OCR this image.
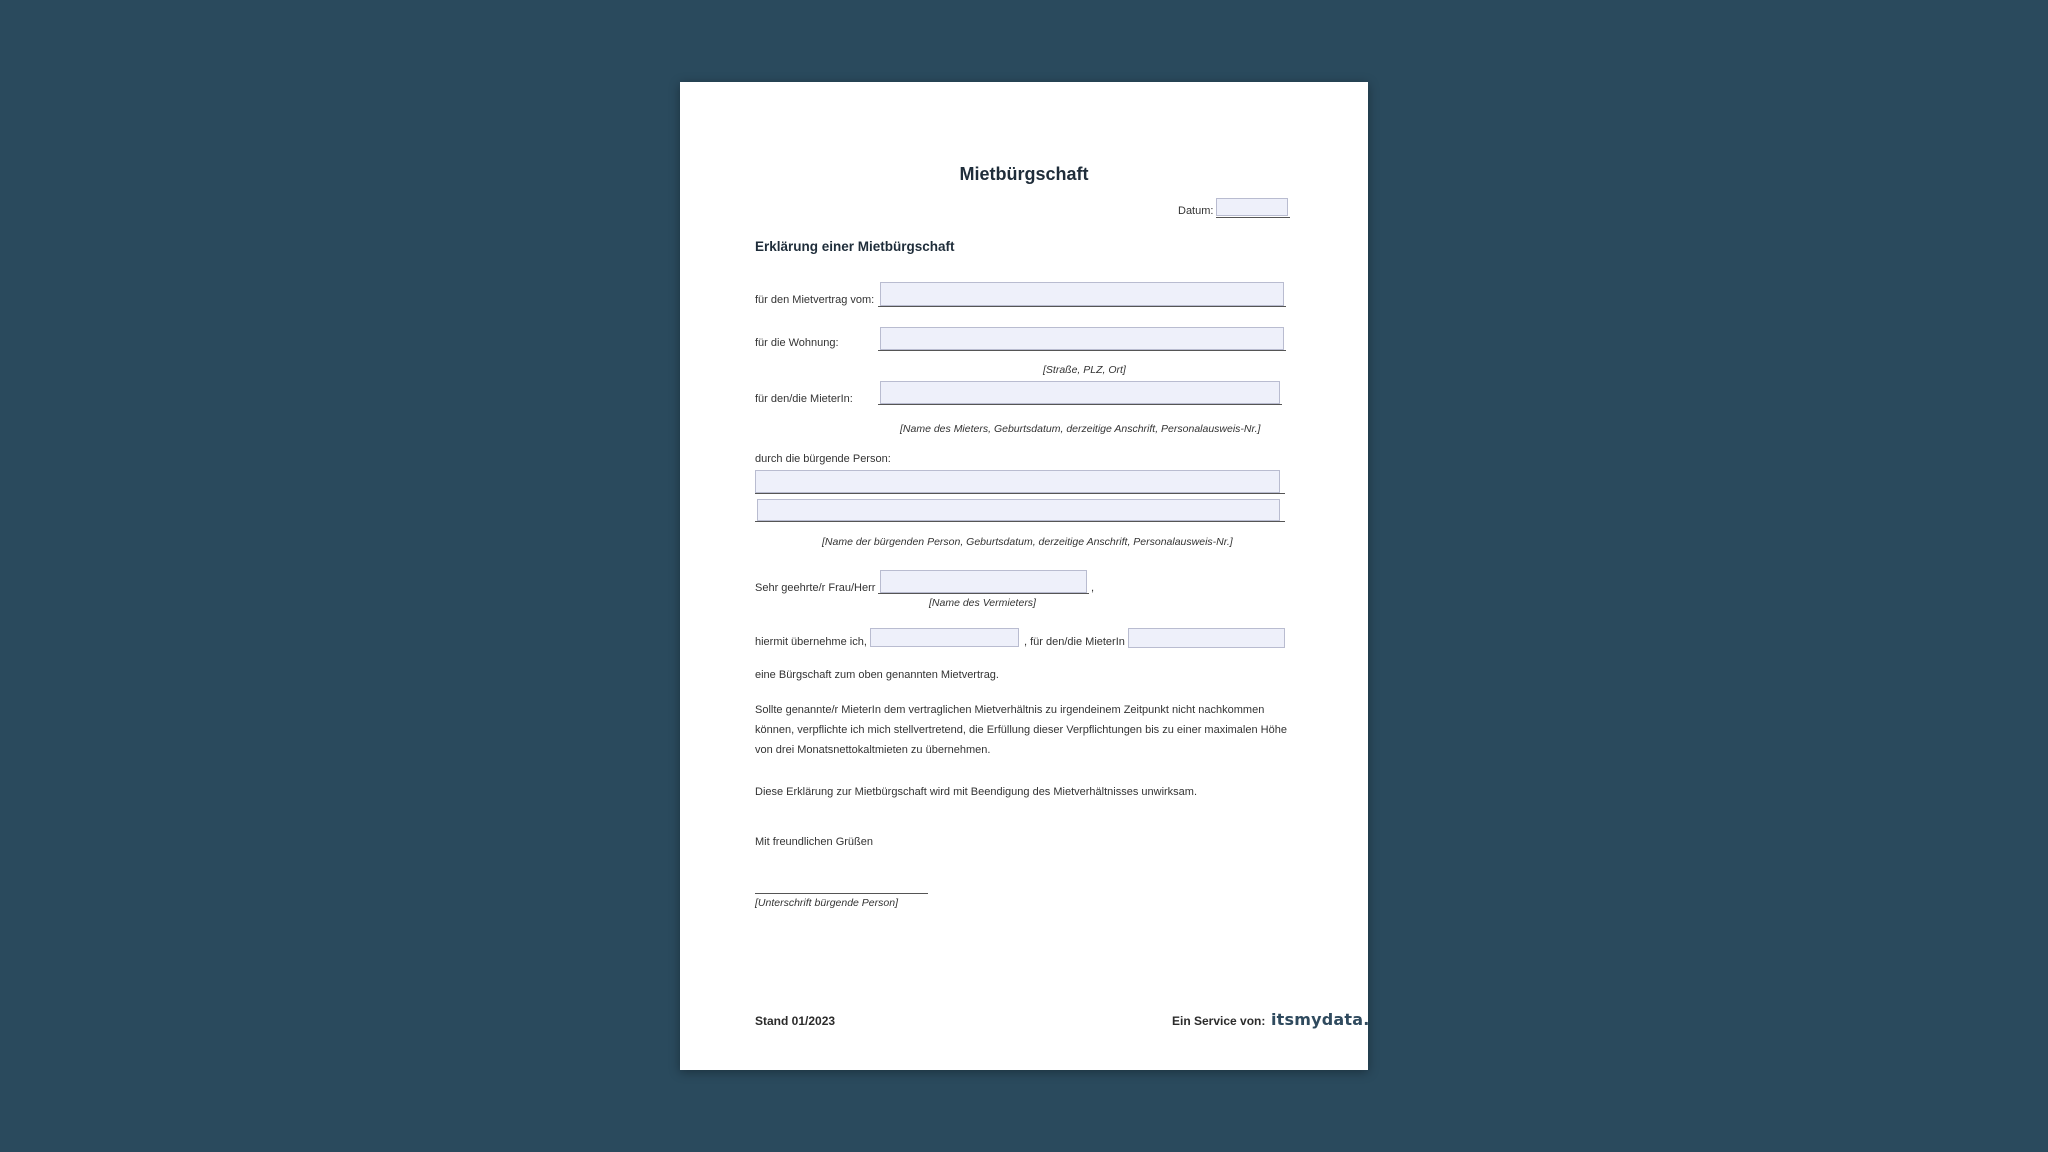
Mietbürgschaft
Datum:
Erklärung einer Mietbürgschaft
für den Mietvertrag vom:
für die Wohnung:
[Straße, PLZ, Ort]
für den/die MieterIn:
[Name des Mieters, Geburtsdatum, derzeitige Anschrift, Personalausweis-Nr.]
durch die bürgende Person:
[Name der bürgenden Person, Geburtsdatum, derzeitige Anschrift, Personalausweis-Nr.]
Sehr geehrte/r Frau/Herr	,
[Name des Vermieters]
hiermit übernehme ich,	, für den/die MieterIn
eine Bürgschaft zum oben genannten Mietvertrag.
Sollte genannte/r MieterIn dem vertraglichen Mietverhältnis zu irgendeinem Zeitpunkt nicht nachkommen
können, verpflichte ich mich stellvertretend, die Erfüllung dieser Verpflichtungen bis zu einer maximalen Höhe
von drei Monatsnettokaltmieten zu übernehmen.
Diese Erklärung zur Mietbürgschaft wird mit Beendigung des Mietverhältnisses unwirksam.
Mit freundlichen Grüßen
[Unterschrift bürgende Person]
Stand 01/2023	Ein Service von: itsmydata.
